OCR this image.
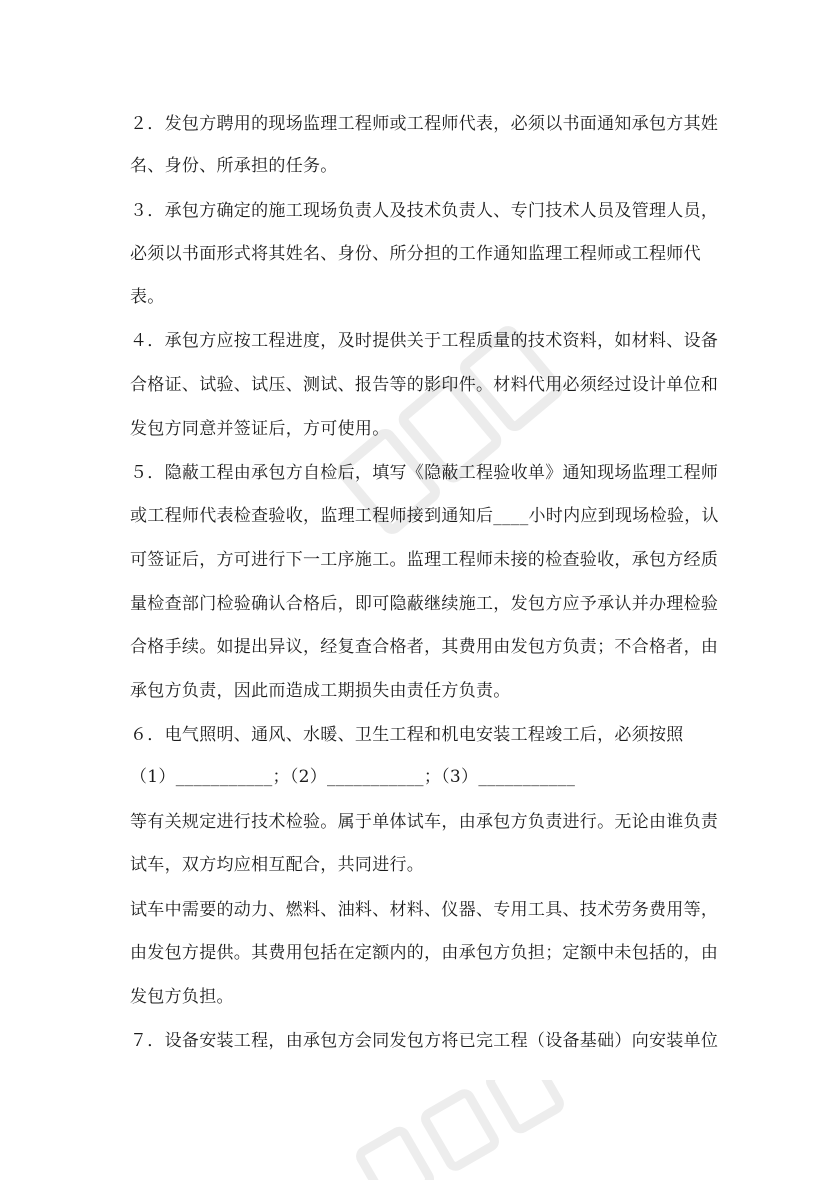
２．发包方聘用的现场监理工程师或工程师代表，必须以书面通知承包方其姓
名、身份、所承担的任务。
３．承包方确定的施工现场负责人及技术负责人、专门技术人员及管理人员，
必须以书面形式将其姓名、身份、所分担的工作通知监理工程师或工程师代
表。
４．承包方应按工程进度，及时提供关于工程质量的技术资料，如材料、设备
合格证、试验、试压、测试、报告等的影印件。材料代用必须经过设计单位和
发包方同意并签证后，方可使用。
５．隐蔽工程由承包方自检后，填写《隐蔽工程验收单》通知现场监理工程师
或工程师代表检查验收，监理工程师接到通知后____小时内应到现场检验，认
可签证后，方可进行下一工序施工。监理工程师未接的检查验收，承包方经质
量检查部门检验确认合格后，即可隐蔽继续施工，发包方应予承认并办理检验
合格手续。如提出异议，经复查合格者，其费用由发包方负责；不合格者，由
承包方负责，因此而造成工期损失由责任方负责。
６．电气照明、通风、水暖、卫生工程和机电安装工程竣工后，必须按照
（1）___________；（2）___________；（3）___________
等有关规定进行技术检验。属于单体试车，由承包方负责进行。无论由谁负责
试车，双方均应相互配合，共同进行。
试车中需要的动力、燃料、油料、材料、仪器、专用工具、技术劳务费用等，
由发包方提供。其费用包括在定额内的，由承包方负担；定额中未包括的，由
发包方负担。
７．设备安装工程，由承包方会同发包方将已完工程（设备基础）向安装单位
